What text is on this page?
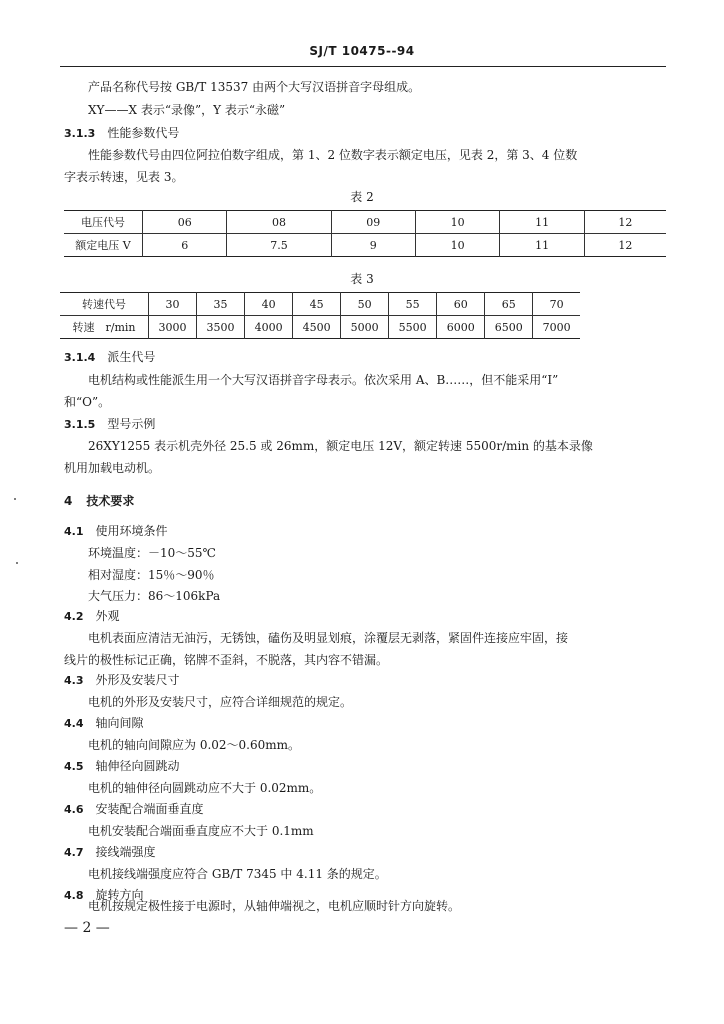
SJ/T 10475--94
产品名称代号按 GB/T 13537 由两个大写汉语拼音字母组成。
XY——X 表示“录像”，Y 表示“永磁”
3.1.3 性能参数代号
性能参数代号由四位阿拉伯数字组成，第 1、2 位数字表示额定电压，见表 2，第 3、4 位数
字表示转速，见表 3。
表 2
电压代号	06	08	09	10	11	12
额定电压 V	6	7.5	9	10	11	12
表 3
转速代号	30	35	40	45	50	55	60	65	70
转速　r/min	3000	3500	4000	4500	5000	5500	6000	6500	7000
3.1.4 派生代号
电机结构或性能派生用一个大写汉语拼音字母表示。依次采用 A、B……，但不能采用“I”
和“O”。
3.1.5 型号示例
26XY1255 表示机壳外径 25.5 或 26mm，额定电压 12V，额定转速 5500r/min 的基本录像
机用加载电动机。
4 技术要求
4.1 使用环境条件
环境温度：－10～55℃
相对湿度：15％～90％
大气压力：86～106kPa
4.2 外观
电机表面应清洁无油污，无锈蚀，磕伤及明显划痕，涂覆层无剥落，紧固件连接应牢固，接
线片的极性标记正确，铭牌不歪斜，不脱落，其内容不错漏。
4.3 外形及安装尺寸
电机的外形及安装尺寸，应符合详细规范的规定。
4.4 轴向间隙
电机的轴向间隙应为 0.02～0.60mm。
4.5 轴伸径向圆跳动
电机的轴伸径向圆跳动应不大于 0.02mm。
4.6 安装配合端面垂直度
电机安装配合端面垂直度应不大于 0.1mm
4.7 接线端强度
电机接线端强度应符合 GB/T 7345 中 4.11 条的规定。
4.8 旋转方向
电机按规定极性接于电源时，从轴伸端视之，电机应顺时针方向旋转。
— 2 —
